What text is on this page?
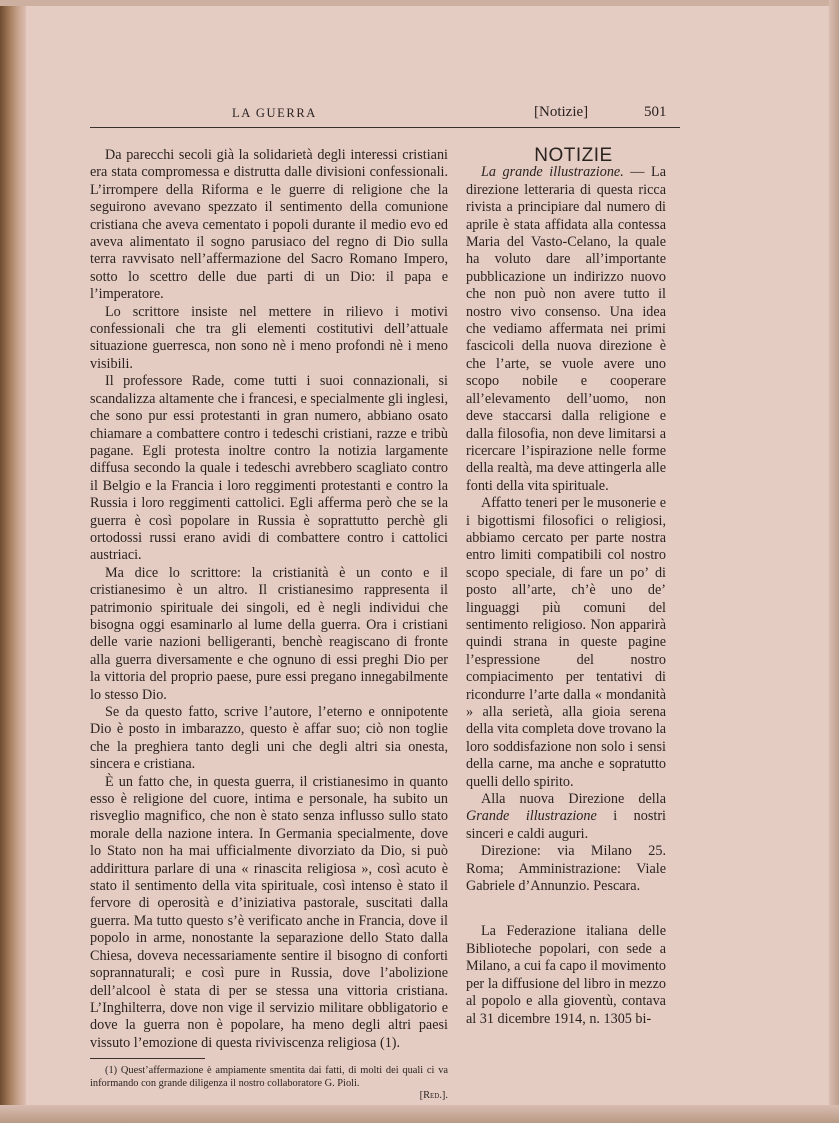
LA GUERRA	[Notizie]	501

Da parecchi secoli già la solidarietà degli interessi cristiani era stata compromessa e distrutta dalle divisioni confessionali. L’irrompere della Riforma e le guerre di religione che la seguirono avevano spezzato il sentimento della comunione cristiana che aveva cementato i popoli durante il medio evo ed aveva alimentato il sogno parusiaco del regno di Dio sulla terra ravvisato nell’affermazione del Sacro Romano Impero, sotto lo scettro delle due parti di un Dio: il papa e l’imperatore.

Lo scrittore insiste nel mettere in rilievo i motivi confessionali che tra gli elementi costitutivi dell’attuale situazione guerresca, non sono nè i meno profondi nè i meno visibili.

Il professore Rade, come tutti i suoi connazionali, si scandalizza altamente che i francesi, e specialmente gli inglesi, che sono pur essi protestanti in gran numero, abbiano osato chiamare a combattere contro i tedeschi cristiani, razze e tribù pagane. Egli protesta inoltre contro la notizia largamente diffusa secondo la quale i tedeschi avrebbero scagliato contro il Belgio e la Francia i loro reggimenti protestanti e contro la Russia i loro reggimenti cattolici. Egli afferma però che se la guerra è così popolare in Russia è soprattutto perchè gli ortodossi russi erano avidi di combattere contro i cattolici austriaci.

Ma dice lo scrittore: la cristianità è un conto e il cristianesimo è un altro. Il cristianesimo rappresenta il patrimonio spirituale dei singoli, ed è negli individui che bisogna oggi esaminarlo al lume della guerra. Ora i cristiani delle varie nazioni belligeranti, benchè reagiscano di fronte alla guerra diversamente e che ognuno di essi preghi Dio per la vittoria del proprio paese, pure essi pregano innegabilmente lo stesso Dio.

Se da questo fatto, scrive l’autore, l’eterno e onnipotente Dio è posto in imbarazzo, questo è affar suo; ciò non toglie che la preghiera tanto degli uni che degli altri sia onesta, sincera e cristiana.

È un fatto che, in questa guerra, il cristianesimo in quanto esso è religione del cuore, intima e personale, ha subito un risveglio magnifico, che non è stato senza influsso sullo stato morale della nazione intera. In Germania specialmente, dove lo Stato non ha mai ufficialmente divorziato da Dio, si può addirittura parlare di una « rinascita religiosa », così acuto è stato il sentimento della vita spirituale, così intenso è stato il fervore di operosità e d’iniziativa pastorale, suscitati dalla guerra. Ma tutto questo s’è verificato anche in Francia, dove il popolo in arme, nonostante la separazione dello Stato dalla Chiesa, doveva necessariamente sentire il bisogno di conforti soprannaturali; e così pure in Russia, dove l’abolizione dell’alcool è stata di per se stessa una vittoria cristiana. L’Inghilterra, dove non vige il servizio militare obbligatorio e dove la guerra non è popolare, ha meno degli altri paesi vissuto l’emozione di questa riviviscenza religiosa (1).

(1) Quest’affermazione è ampiamente smentita dai fatti, di molti dei quali ci va informando con grande diligenza il nostro collaboratore G. Pioli.

[Red.].

NOTIZIE

La grande illustrazione. — La direzione letteraria di questa ricca rivista a principiare dal numero di aprile è stata affidata alla contessa Maria del Vasto-Celano, la quale ha voluto dare all’importante pubblicazione un indirizzo nuovo che non può non avere tutto il nostro vivo consenso. Una idea che vediamo affermata nei primi fascicoli della nuova direzione è che l’arte, se vuole avere uno scopo nobile e cooperare all’elevamento dell’uomo, non deve staccarsi dalla religione e dalla filosofia, non deve limitarsi a ricercare l’ispirazione nelle forme della realtà, ma deve attingerla alle fonti della vita spirituale.

Affatto teneri per le musonerie e i bigottismi filosofici o religiosi, abbiamo cercato per parte nostra entro limiti compatibili col nostro scopo speciale, di fare un po’ di posto all’arte, ch’è uno de’ linguaggi più comuni del sentimento religioso. Non apparirà quindi strana in queste pagine l’espressione del nostro compiacimento per tentativi di ricondurre l’arte dalla « mondanità » alla serietà, alla gioia serena della vita completa dove trovano la loro soddisfazione non solo i sensi della carne, ma anche e sopratutto quelli dello spirito.

Alla nuova Direzione della Grande illustrazione i nostri sinceri e caldi auguri.

Direzione: via Milano 25. Roma; Amministrazione: Viale Gabriele d’Annunzio. Pescara.

La Federazione italiana delle Biblioteche popolari, con sede a Milano, a cui fa capo il movimento per la diffusione del libro in mezzo al popolo e alla gioventù, contava al 31 dicembre 1914, n. 1305 bi-
